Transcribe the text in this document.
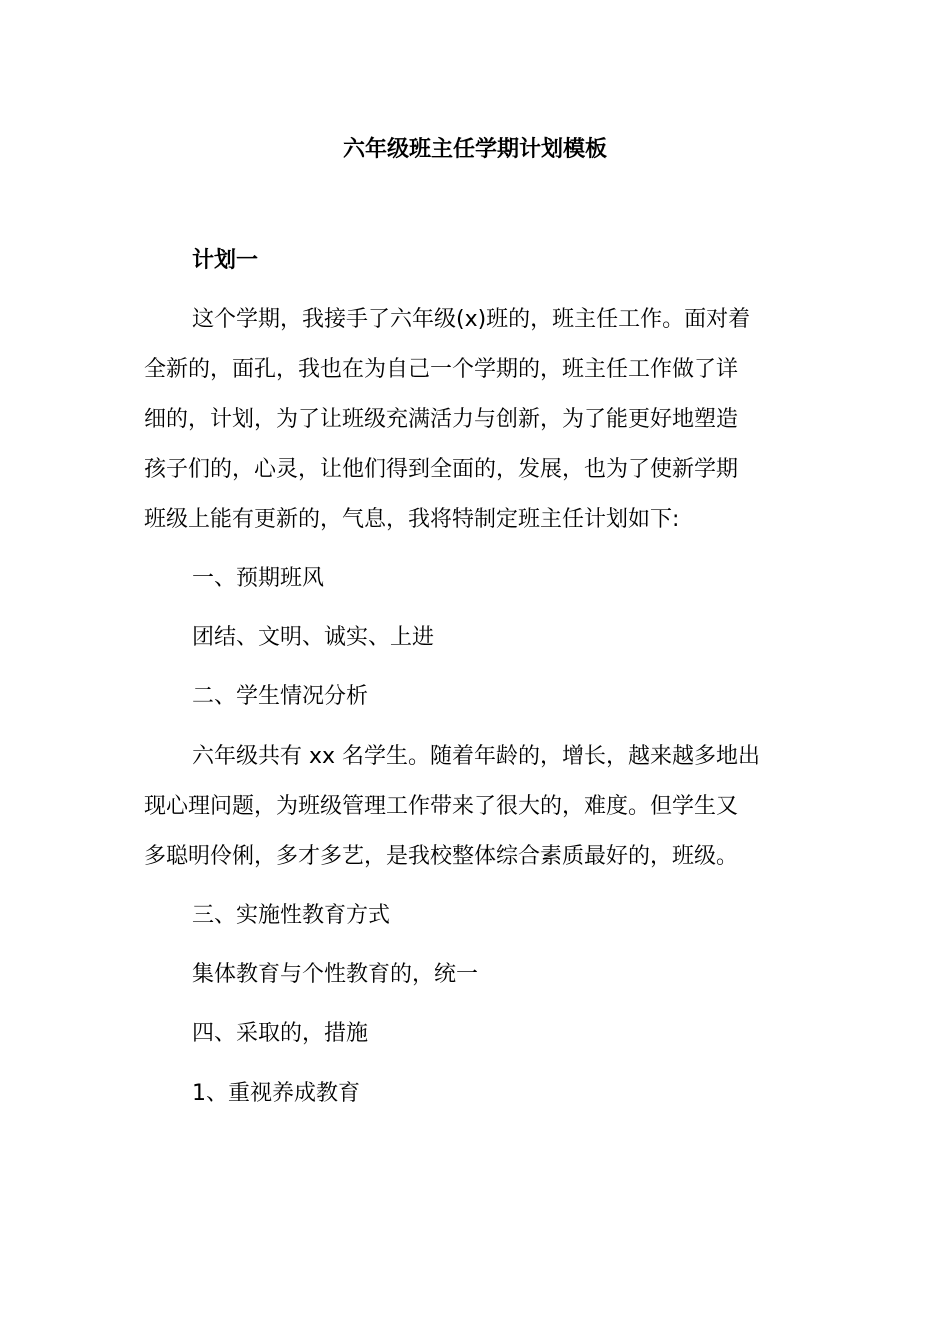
六年级班主任学期计划模板

计划一

这个学期，我接手了六年级(x)班的，班主任工作。面对着

全新的，面孔，我也在为自己一个学期的，班主任工作做了详

细的，计划，为了让班级充满活力与创新，为了能更好地塑造

孩子们的，心灵，让他们得到全面的，发展，也为了使新学期

班级上能有更新的，气息，我将特制定班主任计划如下:

一、预期班风

团结、文明、诚实、上进

二、学生情况分析

六年级共有 xx 名学生。随着年龄的，增长，越来越多地出

现心理问题，为班级管理工作带来了很大的，难度。但学生又

多聪明伶俐，多才多艺，是我校整体综合素质最好的，班级。

三、实施性教育方式

集体教育与个性教育的，统一

四、采取的，措施

1、重视养成教育
